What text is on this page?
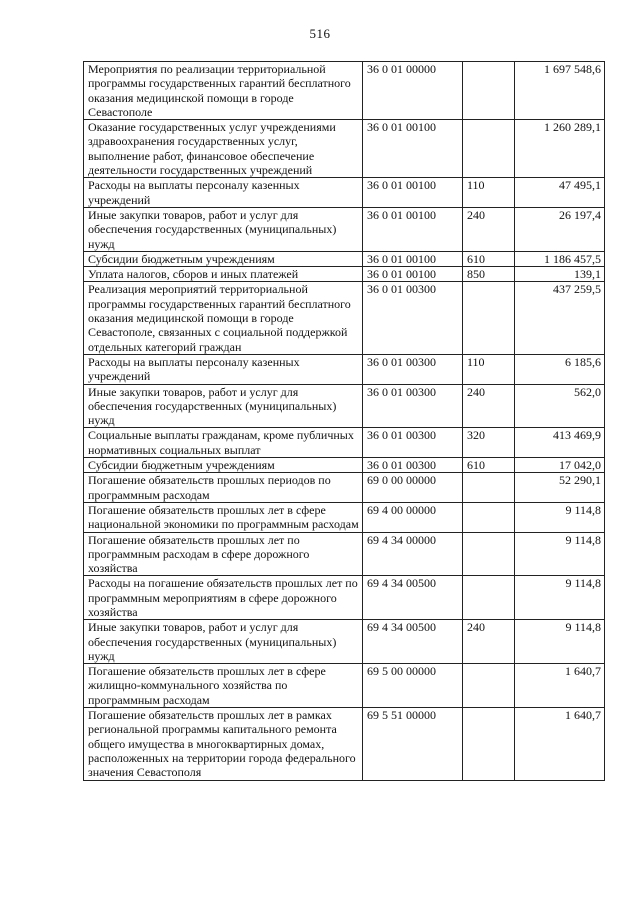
516
Мероприятия по реализации территориальной программы государственных гарантий бесплатного оказания медицинской помощи в городе Севастополе	36 0 01 00000		1 697 548,6
Оказание государственных услуг учреждениями здравоохранения государственных услуг, выполнение работ, финансовое обеспечение деятельности государственных учреждений	36 0 01 00100		1 260 289,1
Расходы на выплаты персоналу казенных учреждений	36 0 01 00100	110	47 495,1
Иные закупки товаров, работ и услуг для обеспечения государственных (муниципальных) нужд	36 0 01 00100	240	26 197,4
Субсидии бюджетным учреждениям	36 0 01 00100	610	1 186 457,5
Уплата налогов, сборов и иных платежей	36 0 01 00100	850	139,1
Реализация мероприятий территориальной программы государственных гарантий бесплатного оказания медицинской помощи в городе Севастополе, связанных с социальной поддержкой отдельных категорий граждан	36 0 01 00300		437 259,5
Расходы на выплаты персоналу казенных учреждений	36 0 01 00300	110	6 185,6
Иные закупки товаров, работ и услуг для обеспечения государственных (муниципальных) нужд	36 0 01 00300	240	562,0
Социальные выплаты гражданам, кроме публичных нормативных социальных выплат	36 0 01 00300	320	413 469,9
Субсидии бюджетным учреждениям	36 0 01 00300	610	17 042,0
Погашение обязательств прошлых периодов по программным расходам	69 0 00 00000		52 290,1
Погашение обязательств прошлых лет в сфере национальной экономики по программным расходам	69 4 00 00000		9 114,8
Погашение обязательств прошлых лет по программным расходам в сфере дорожного хозяйства	69 4 34 00000		9 114,8
Расходы на погашение обязательств прошлых лет по программным мероприятиям в сфере дорожного хозяйства	69 4 34 00500		9 114,8
Иные закупки товаров, работ и услуг для обеспечения государственных (муниципальных) нужд	69 4 34 00500	240	9 114,8
Погашение обязательств прошлых лет в сфере жилищно-коммунального хозяйства по программным расходам	69 5 00 00000		1 640,7
Погашение обязательств прошлых лет в рамках региональной программы капитального ремонта общего имущества в многоквартирных домах, расположенных на территории города федерального значения Севастополя	69 5 51 00000		1 640,7
